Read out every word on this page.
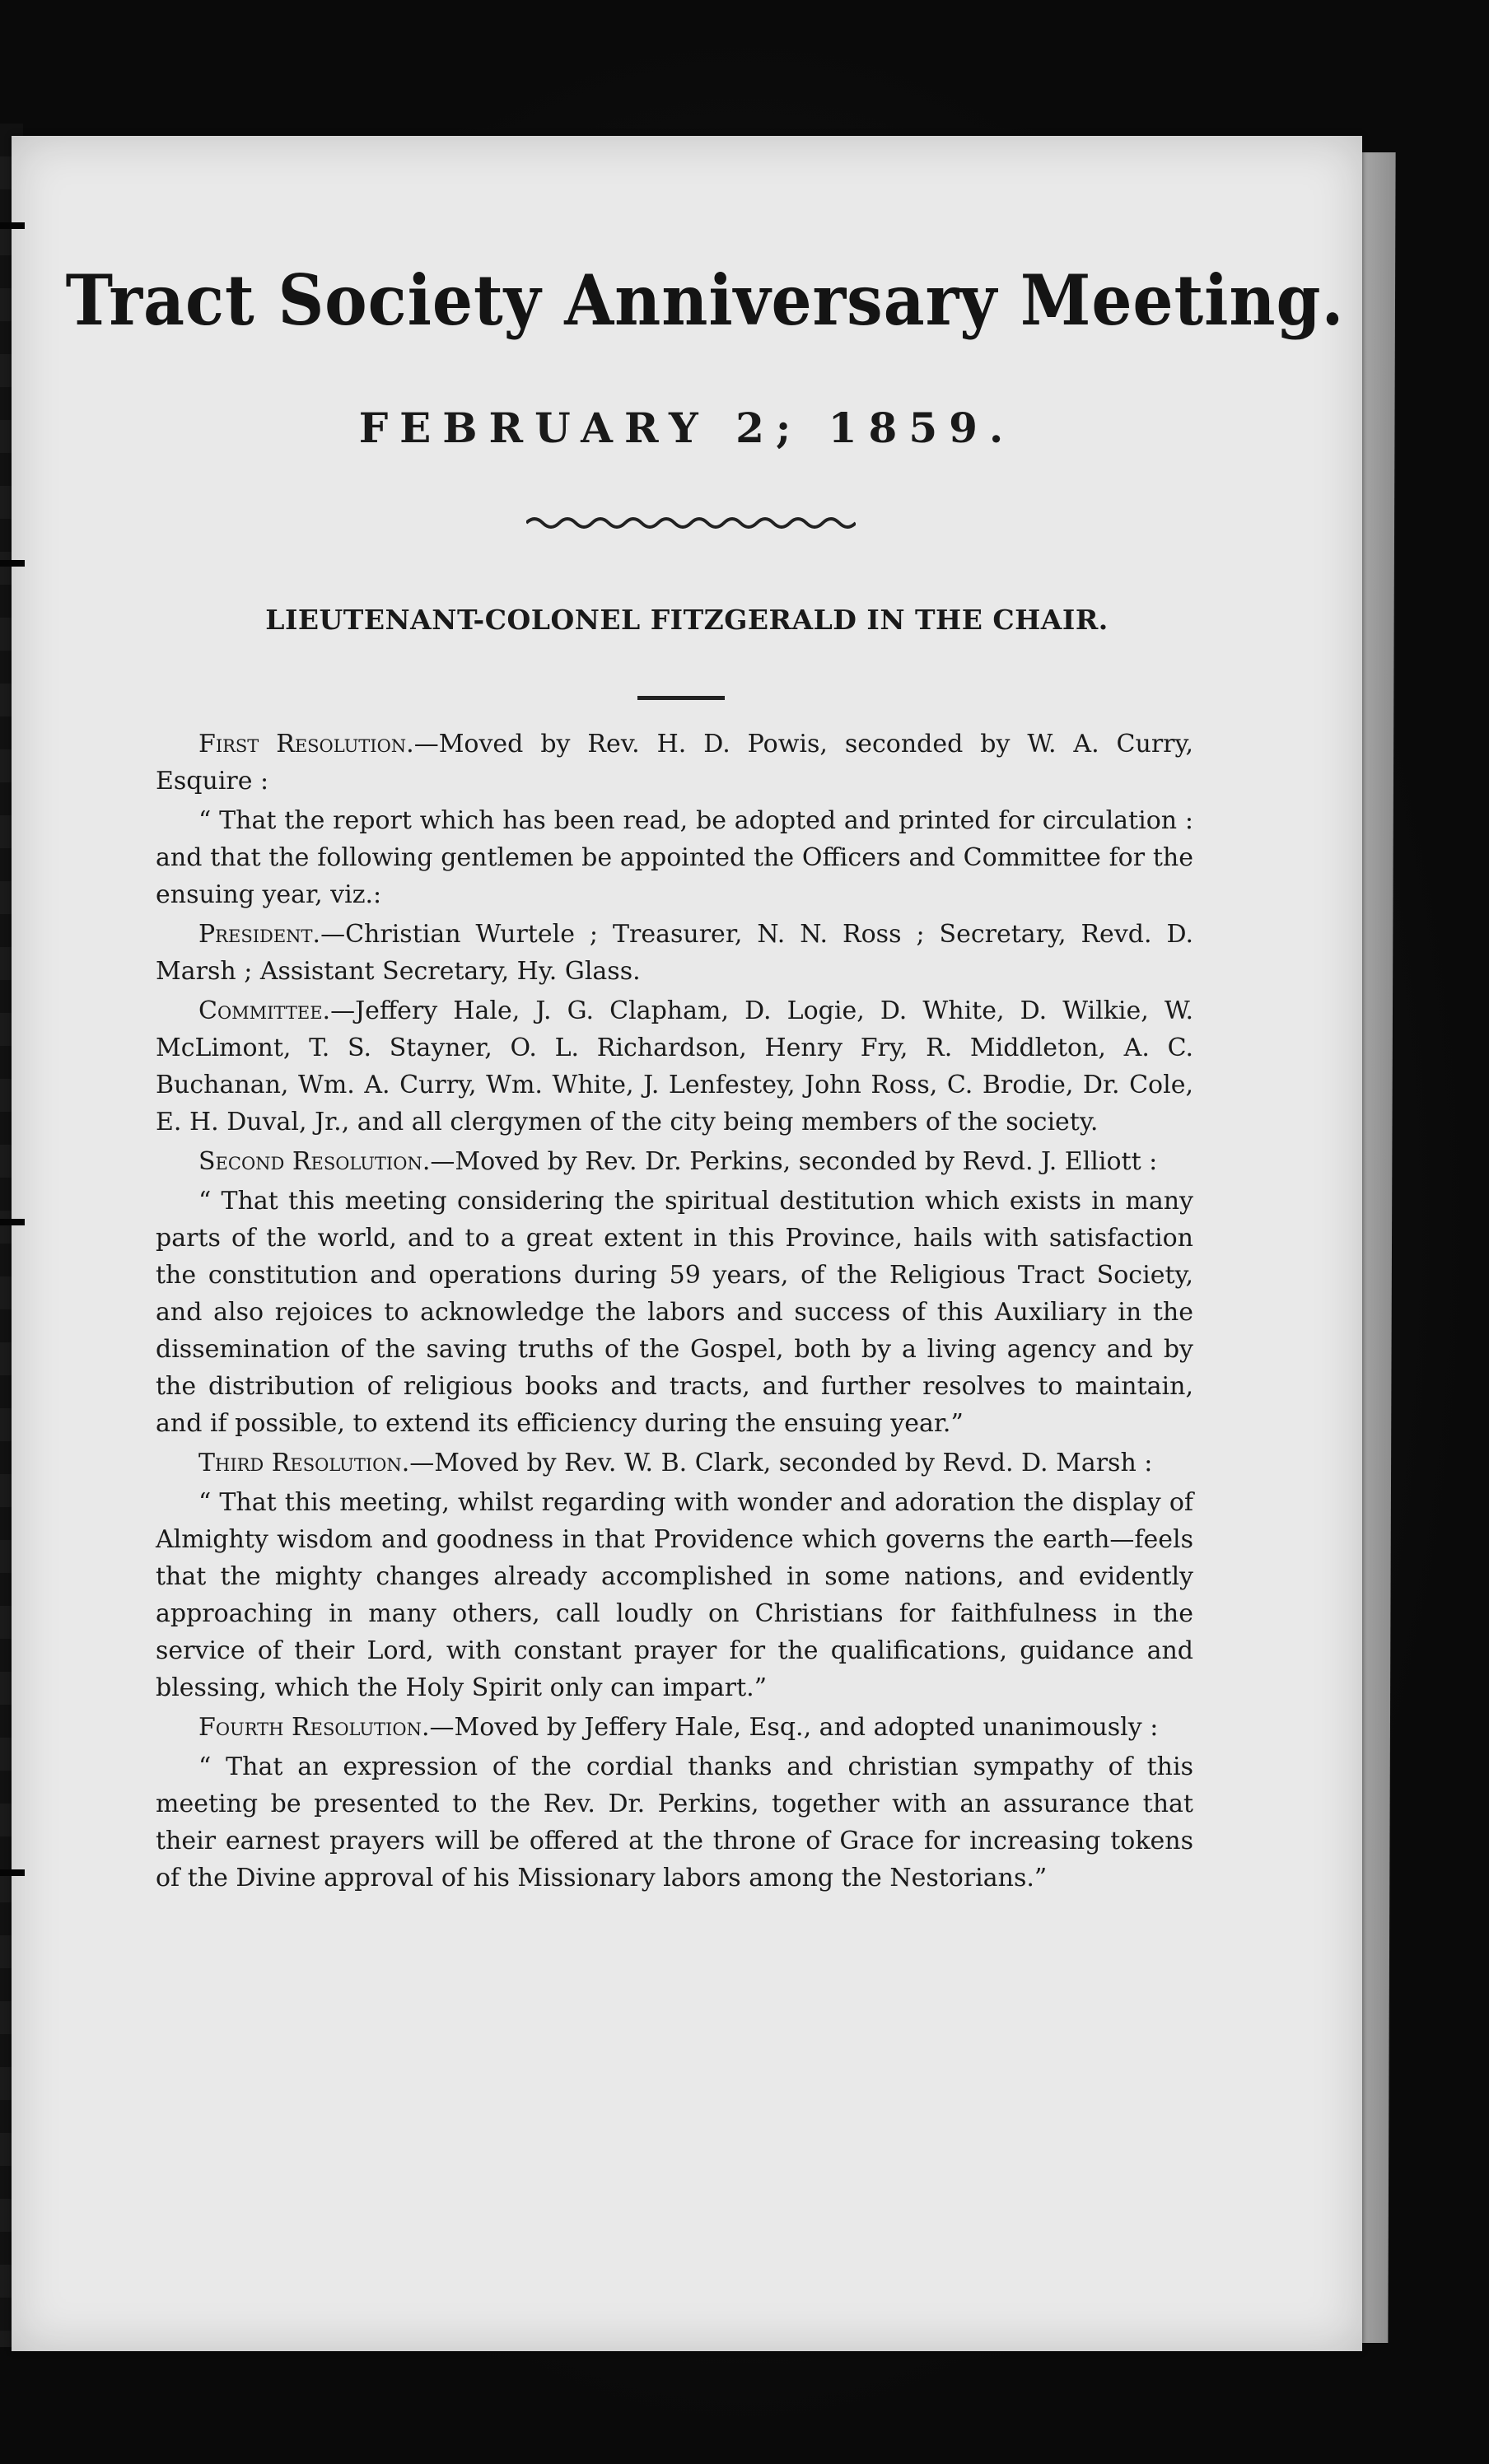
Tract Society Anniversary Meeting.
FEBRUARY 2; 1859.
LIEUTENANT-COLONEL FITZGERALD IN THE CHAIR.

First Resolution.—Moved by Rev. H. D. Powis, seconded by W. A. Curry, Esquire :

“ That the report which has been read, be adopted and printed for circulation : and that the following gentlemen be appointed the Officers and Committee for the ensuing year, viz.:

President.—Christian Wurtele ; Treasurer, N. N. Ross ; Secretary, Revd. D. Marsh ; Assistant Secretary, Hy. Glass.

Committee.—Jeffery Hale, J. G. Clapham, D. Logie, D. White, D. Wilkie, W. McLimont, T. S. Stayner, O. L. Richardson, Henry Fry, R. Middleton, A. C. Buchanan, Wm. A. Curry, Wm. White, J. Lenfestey, John Ross, C. Brodie, Dr. Cole, E. H. Duval, Jr., and all clergymen of the city being members of the society.

Second Resolution.—Moved by Rev. Dr. Perkins, seconded by Revd. J. Elliott :

“ That this meeting considering the spiritual destitution which exists in many parts of the world, and to a great extent in this Province, hails with satisfaction the constitution and operations during 59 years, of the Religious Tract Society, and also rejoices to acknowledge the labors and success of this Auxiliary in the dissemination of the saving truths of the Gospel, both by a living agency and by the distribution of religious books and tracts, and further resolves to maintain, and if possible, to extend its efficiency during the ensuing year.”

Third Resolution.—Moved by Rev. W. B. Clark, seconded by Revd. D. Marsh :

“ That this meeting, whilst regarding with wonder and adoration the display of Almighty wisdom and goodness in that Providence which governs the earth—feels that the mighty changes already accomplished in some nations, and evidently approaching in many others, call loudly on Christians for faithfulness in the service of their Lord, with constant prayer for the qualifications, guidance and blessing, which the Holy Spirit only can impart.”

Fourth Resolution.—Moved by Jeffery Hale, Esq., and adopted unanimously :

“ That an expression of the cordial thanks and christian sympathy of this meeting be presented to the Rev. Dr. Perkins, together with an assurance that their earnest prayers will be offered at the throne of Grace for increasing tokens of the Divine approval of his Missionary labors among the Nestorians.”
